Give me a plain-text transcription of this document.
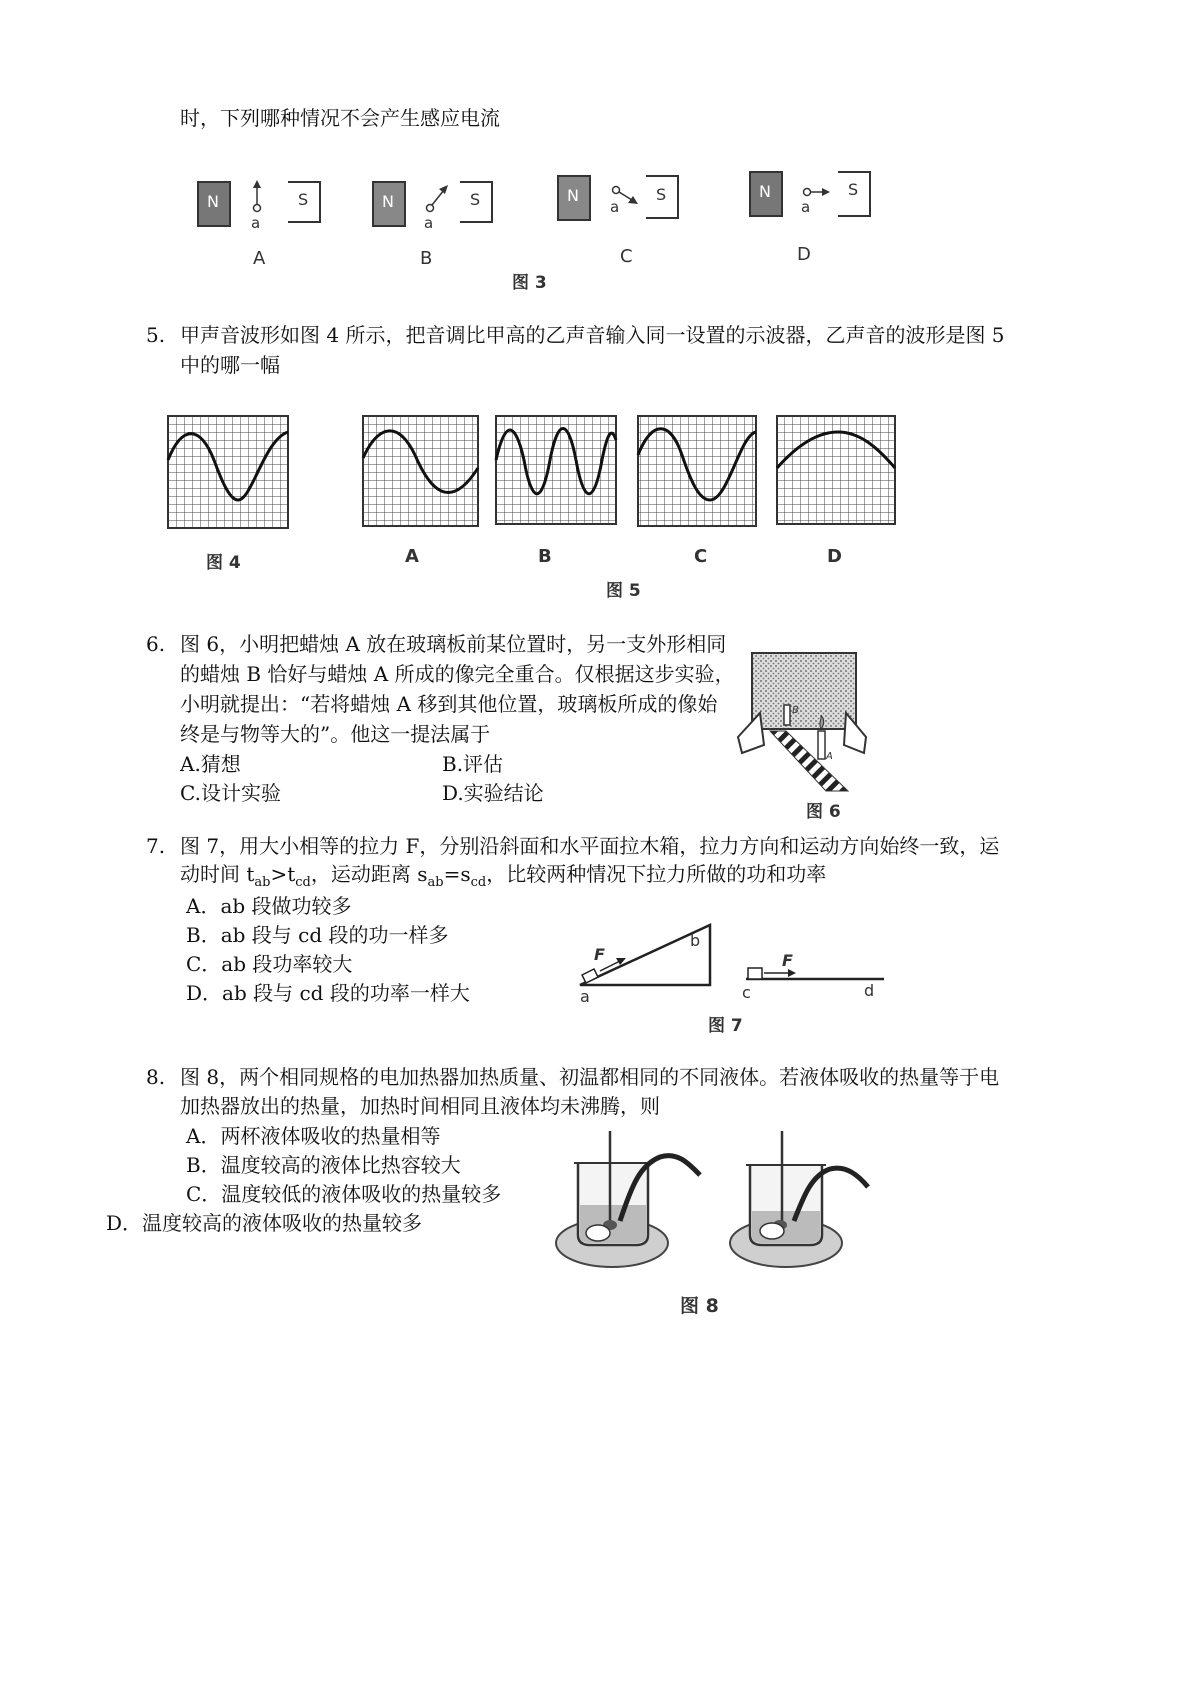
时，下列哪种情况不会产生感应电流
N	S
a
N	S
a
N	S
a
N	S
a
A	B	C	D
图 3
5. 甲声音波形如图 4 所示，把音调比甲高的乙声音输入同一设置的示波器，乙声音的波形是图 5
中的哪一幅
图 4	A	B	C	D
图 5
6. 图 6，小明把蜡烛 A 放在玻璃板前某位置时，另一支外形相同
的蜡烛 B 恰好与蜡烛 A 所成的像完全重合。仅根据这步实验，
小明就提出：“若将蜡烛 A 移到其他位置，玻璃板所成的像始
终是与物等大的”。他这一提法属于
A.猜想	B.评估
C.设计实验	D.实验结论
B
A
图 6
7. 图 7，用大小相等的拉力 F，分别沿斜面和水平面拉木箱，拉力方向和运动方向始终一致，运
动时间 $t_{ab}>t_{cd}$，运动距离 $s_{ab}=s_{cd}$，比较两种情况下拉力所做的功和功率
A．ab 段做功较多
B．ab 段与 cd 段的功一样多
C．ab 段功率较大
D．ab 段与 cd 段的功率一样大
F
b
a
F
c	d
图 7
8. 图 8，两个相同规格的电加热器加热质量、初温都相同的不同液体。若液体吸收的热量等于电
加热器放出的热量，加热时间相同且液体均未沸腾，则
A．两杯液体吸收的热量相等
B．温度较高的液体比热容较大
C．温度较低的液体吸收的热量较多
D．温度较高的液体吸收的热量较多
图 8
